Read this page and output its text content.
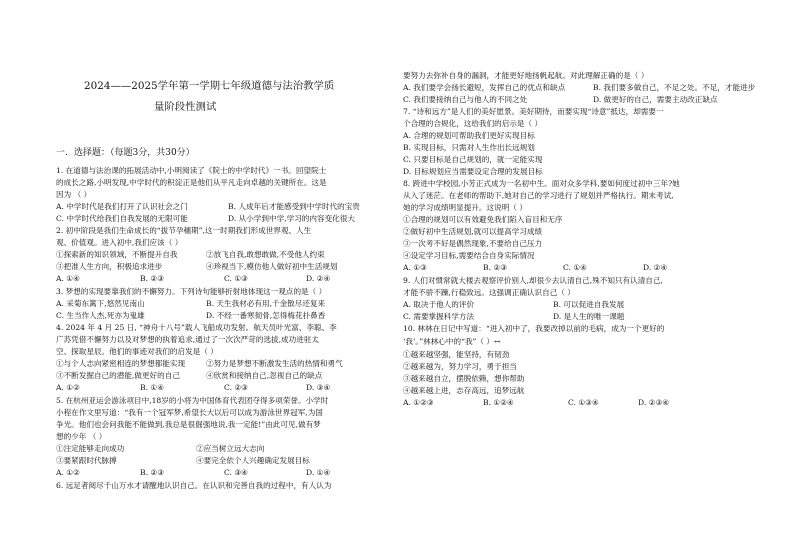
2024——2025学年第一学期七年级道德与法治教学质
量阶段性测试
一．选择题：（每题3分，共30分）
1. 在道德与法治课的拓展活动中,小明阅读了《院士的中学时代》一书。回望院士
的成长之路,小明发现,中学时代的积淀正是他们从平凡走向卓越的关键所在。这是
因为 （ ）
A. 中学时代是我们打开了认识社会之门	B. 人成年后才能感受到中学时代的宝贵
C. 中学时代给我们自我发展的无限可能	D. 从小学到中学,学习的内容变化很大
2. 初中阶段是我们生命成长的“拔节孕穗期”,这一时期我们形成世界观、人生
观、价值观。进入初中,我们应该（ ）
①探索新的知识领域，不断提升自我	②放飞自我,敢想敢做,不受他人约束
③把准人生方向，积极追求进步	④珍视当下,模仿他人做好初中生活规划
A. ①④	B. ②③	C. ①③	D. ②④
3. 梦想的实现要靠我们的不懈努力。下列诗句能够折射地体现这一观点的是（ ）
A. 采菊东篱下,悠然见南山	B. 天生我材必有用,千金散尽还复来
C. 生当作人杰,死亦为鬼雄	D. 不经一番寒彻骨,怎得梅花扑鼻香
4. 2024 年 4 月 25 日, “神舟十八号”载人飞船成功发射。航天员叶光富、李聪、李
广苏凭借不懈努力以及对梦想的执着追求,通过了一次次严苛的选拔,成功进驻太
空、探取星辰。他们的事迹对我们的启发是（ ）
①与个人志向紧密相连的梦想都能实现	②努力是梦想不断激发生活的热情和勇气
③不断发掘自己的潜能,做更好的自己	④欣赏和接纳自己,忽视自己的缺点
A. ①②	B. ①④	C. ②③	D. ③④
5. 在杭州亚运会游泳项目中,18岁的小将为中国体育代表团夺得多项荣誉。小学时
小程在作文里写道：“我有一个冠军梦,希望长大以后可以成为游泳世界冠军,为国
争光。他们也会问我能不能做到,我总是很倔强地说,我一定能!”由此可见,做有梦
想的少年 （ ）
①注定能够走向成功	②应当树立远大志向
③要紧跟时代脉搏	④要完全依个人兴趣确定发展目标
A. ①②	B. ②③	C. ③④	D. ①④
6. 远足者阅尽千山万水才请醒地认识自己。在认识和完善自我的过程中，有人认为
要努力去弥补自身的漏洞，才能更好地扬帆起航。对此理解正确的是（ ）
A. 我们要学会扬长避短，发挥自己的优点和缺点	B. 我们要多做自己，不足之处。不足，才能进步
C. 我们要接纳自己与他人的不同之处	D. 做更好的自己，需要主动改正缺点
7. “诗和远方”是人们的美好愿景。美好期待，而要实现“诗意”抵达，却需要一
个合理的合规化，这给我们的启示是（ ）
A. 合理的规划可帮助我们更好实现目标
B. 实现目标，只需对人生作出长远规划
C. 只要目标是自己规划的，就一定能实现
D. 目标规划应当需要设定合理的发展目标
8. 跨进中学校园,小芳正式成为一名初中生。面对众多学科,要如何度过初中三年?她
从入了迷茫。在老师的帮助下,她对自己的学习进行了规划并严格执行。期末考试,
她的学习成绩明显提升。这说明（ ）
①合理的规划可以有效避免我们陷入盲目和无序
②做好初中生活规划,就可以提高学习成绩
③一次考不好是偶然现象,不要给自己压力
④设定学习目标,需要结合自身实际情况
A. ①③	B. ②③	C. ①④	D. ②④
9. 人们对惯常就大楼去观察评价别人,却很少去认清自己,殊不知只有认清自己,
才能不骄不躁,行稳致远。这强调正确认识自己（ ）
A. 取决于他人的评价	B. 可以促进自我发展
C. 需要掌握科学方法	D. 是人生的唯一课题
10. 林林在日记中写道：“进入初中了，我要改掉以前的毛病，成为一个更好的
‘我’。”林林心中的“我”（ ）↔
①越来越坚强，能坚持，有韧劲
②越来越为，努力学习，勇于担当
③越来越自立，摆脱依赖，想你帮助
④越来越上进，志存高远，追梦远航
A. ①②③	B. ①②④	C. ①③④	D. ②③④
